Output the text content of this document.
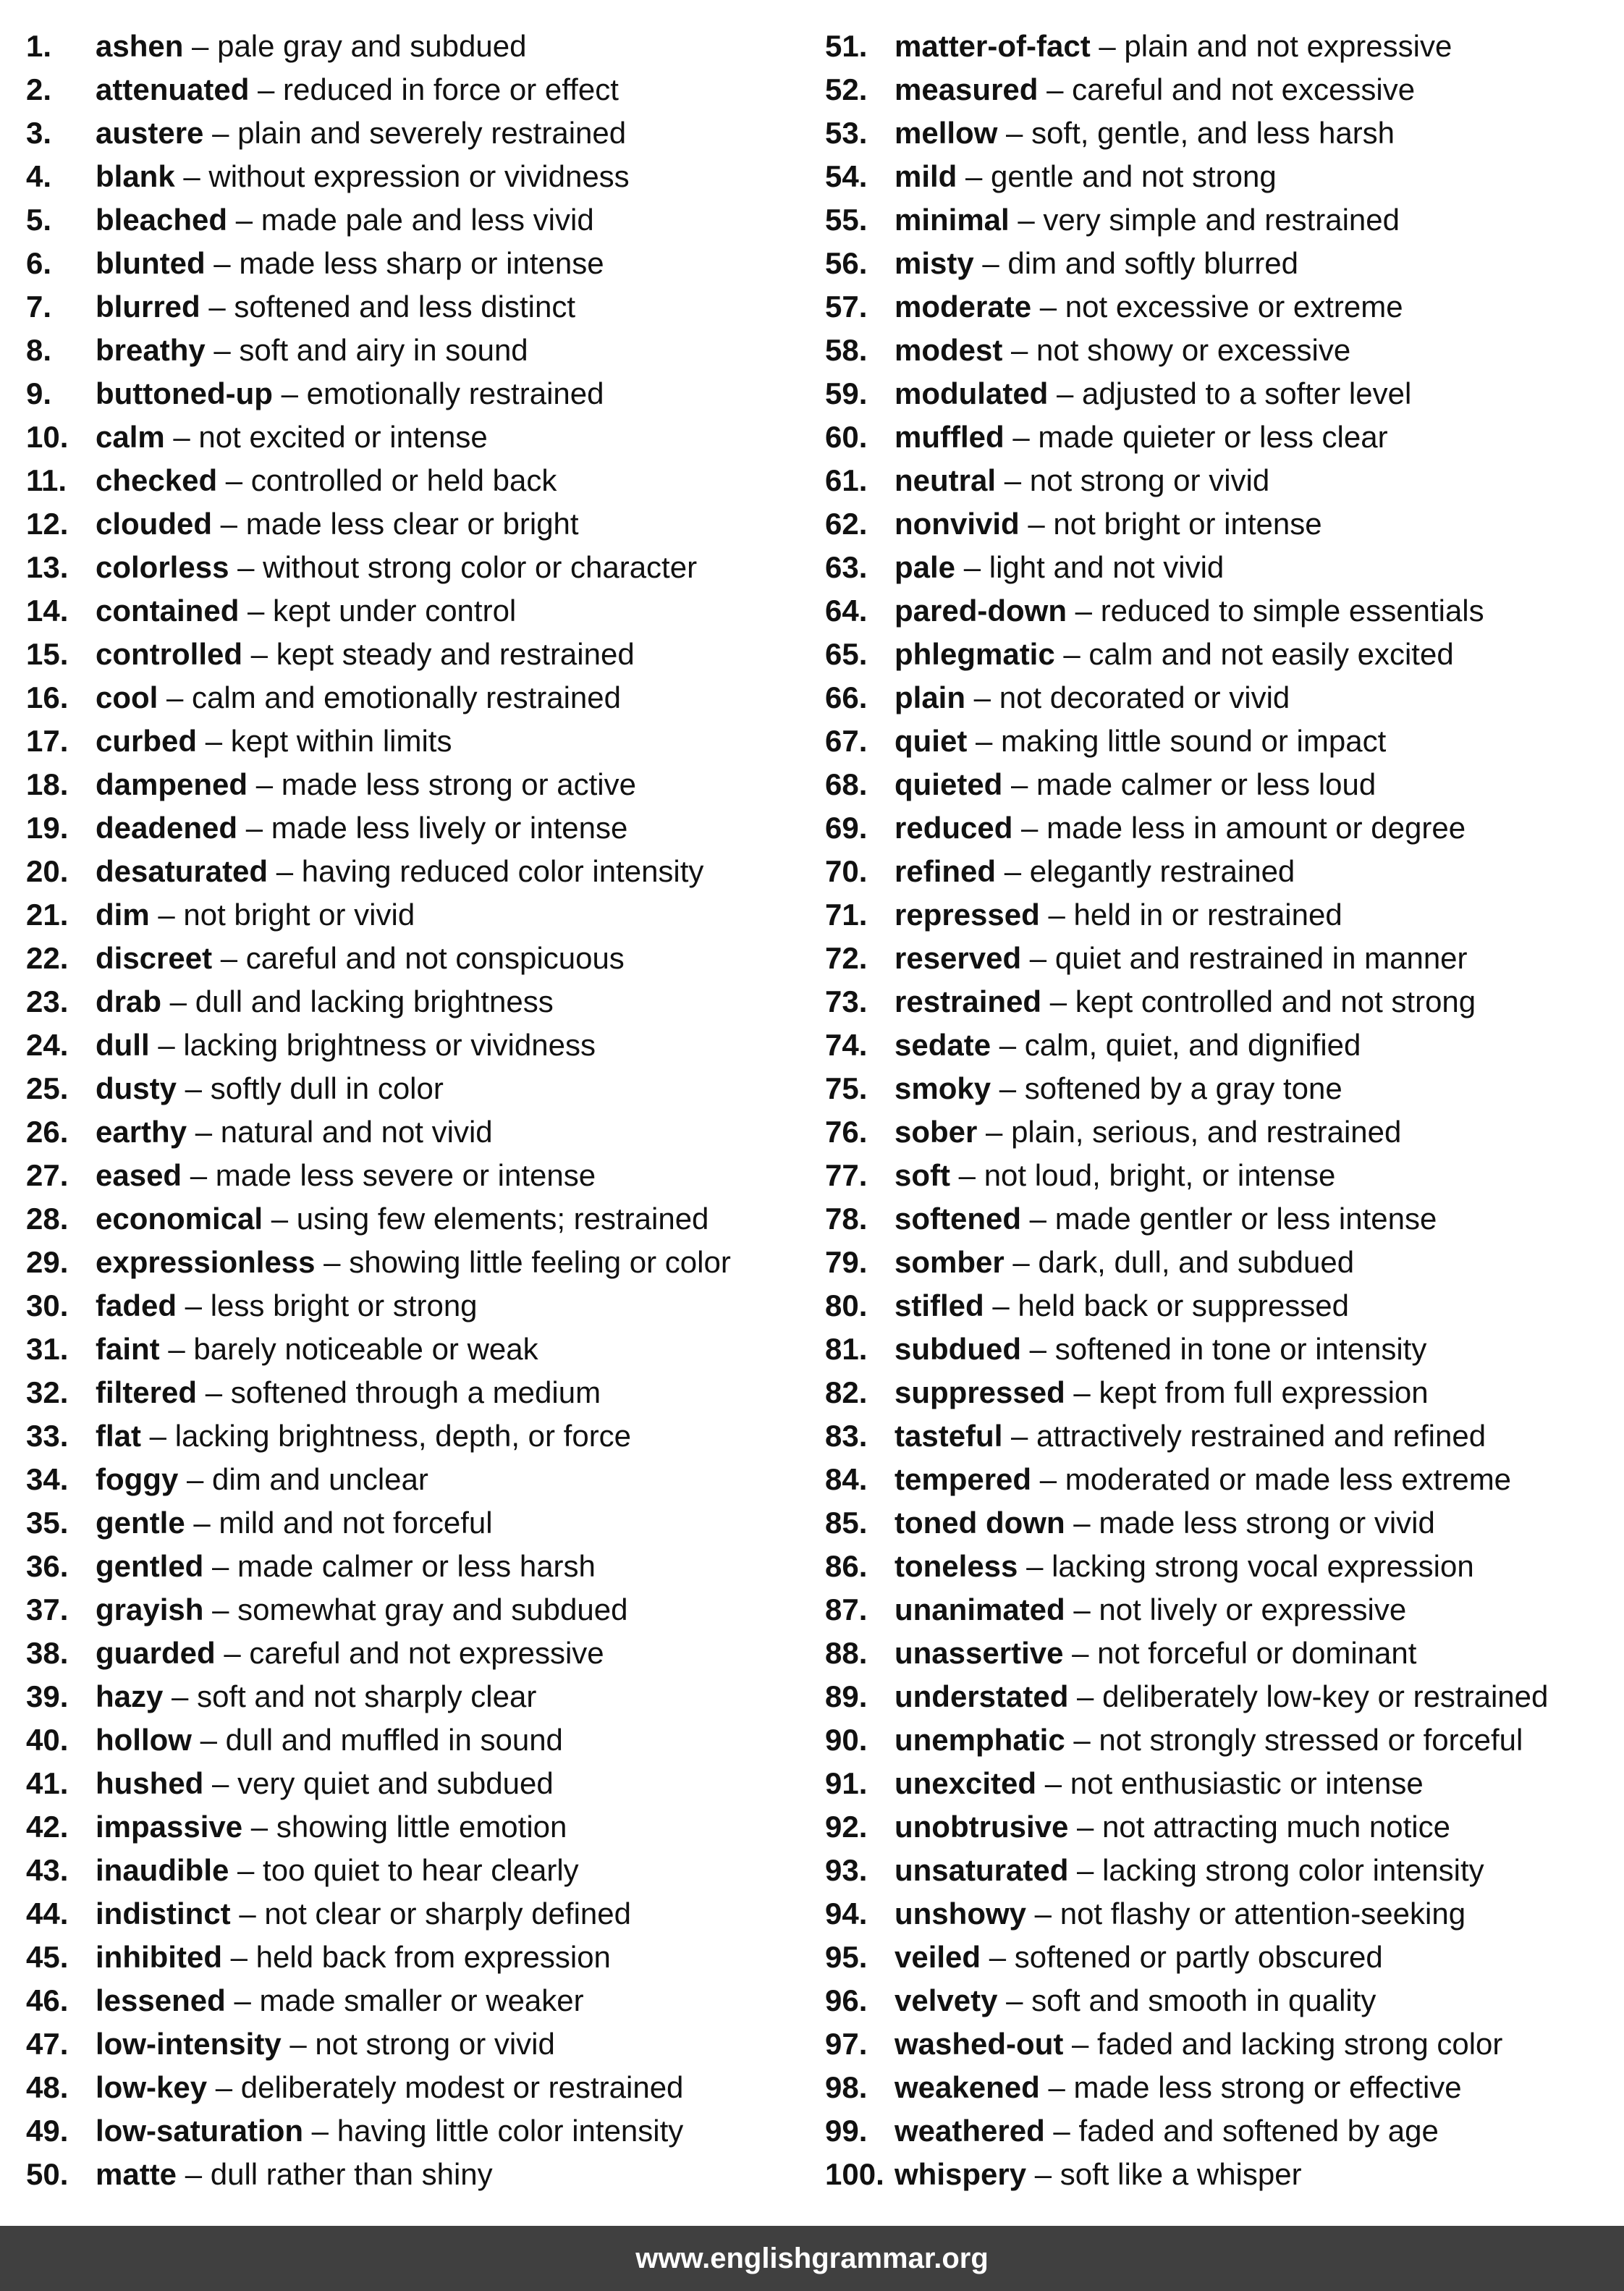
1.	ashen – pale gray and subdued
2.	attenuated – reduced in force or effect
3.	austere – plain and severely restrained
4.	blank – without expression or vividness
5.	bleached – made pale and less vivid
6.	blunted – made less sharp or intense
7.	blurred – softened and less distinct
8.	breathy – soft and airy in sound
9.	buttoned-up – emotionally restrained
10. calm – not excited or intense
11. checked – controlled or held back
12. clouded – made less clear or bright
13. colorless – without strong color or character
14. contained – kept under control
15. controlled – kept steady and restrained
16. cool – calm and emotionally restrained
17. curbed – kept within limits
18. dampened – made less strong or active
19. deadened – made less lively or intense
20. desaturated – having reduced color intensity
21. dim – not bright or vivid
22. discreet – careful and not conspicuous
23. drab – dull and lacking brightness
24. dull – lacking brightness or vividness
25. dusty – softly dull in color
26. earthy – natural and not vivid
27. eased – made less severe or intense
28. economical – using few elements; restrained
29. expressionless – showing little feeling or color
30. faded – less bright or strong
31. faint – barely noticeable or weak
32. filtered – softened through a medium
33. flat – lacking brightness, depth, or force
34. foggy – dim and unclear
35. gentle – mild and not forceful
36. gentled – made calmer or less harsh
37. grayish – somewhat gray and subdued
38. guarded – careful and not expressive
39. hazy – soft and not sharply clear
40. hollow – dull and muffled in sound
41. hushed – very quiet and subdued
42. impassive – showing little emotion
43. inaudible – too quiet to hear clearly
44. indistinct – not clear or sharply defined
45. inhibited – held back from expression
46. lessened – made smaller or weaker
47. low-intensity – not strong or vivid
48. low-key – deliberately modest or restrained
49. low-saturation – having little color intensity
50. matte – dull rather than shiny
51. matter-of-fact – plain and not expressive
52. measured – careful and not excessive
53. mellow – soft, gentle, and less harsh
54. mild – gentle and not strong
55. minimal – very simple and restrained
56. misty – dim and softly blurred
57. moderate – not excessive or extreme
58. modest – not showy or excessive
59. modulated – adjusted to a softer level
60. muffled – made quieter or less clear
61. neutral – not strong or vivid
62. nonvivid – not bright or intense
63. pale – light and not vivid
64. pared-down – reduced to simple essentials
65. phlegmatic – calm and not easily excited
66. plain – not decorated or vivid
67. quiet – making little sound or impact
68. quieted – made calmer or less loud
69. reduced – made less in amount or degree
70. refined – elegantly restrained
71. repressed – held in or restrained
72. reserved – quiet and restrained in manner
73. restrained – kept controlled and not strong
74. sedate – calm, quiet, and dignified
75. smoky – softened by a gray tone
76. sober – plain, serious, and restrained
77. soft – not loud, bright, or intense
78. softened – made gentler or less intense
79. somber – dark, dull, and subdued
80. stifled – held back or suppressed
81. subdued – softened in tone or intensity
82. suppressed – kept from full expression
83. tasteful – attractively restrained and refined
84. tempered – moderated or made less extreme
85. toned down – made less strong or vivid
86. toneless – lacking strong vocal expression
87. unanimated – not lively or expressive
88. unassertive – not forceful or dominant
89. understated – deliberately low-key or restrained
90. unemphatic – not strongly stressed or forceful
91. unexcited – not enthusiastic or intense
92. unobtrusive – not attracting much notice
93. unsaturated – lacking strong color intensity
94. unshowy – not flashy or attention-seeking
95. veiled – softened or partly obscured
96. velvety – soft and smooth in quality
97. washed-out – faded and lacking strong color
98. weakened – made less strong or effective
99. weathered – faded and softened by age
100. whispery – soft like a whisper
www.englishgrammar.org
